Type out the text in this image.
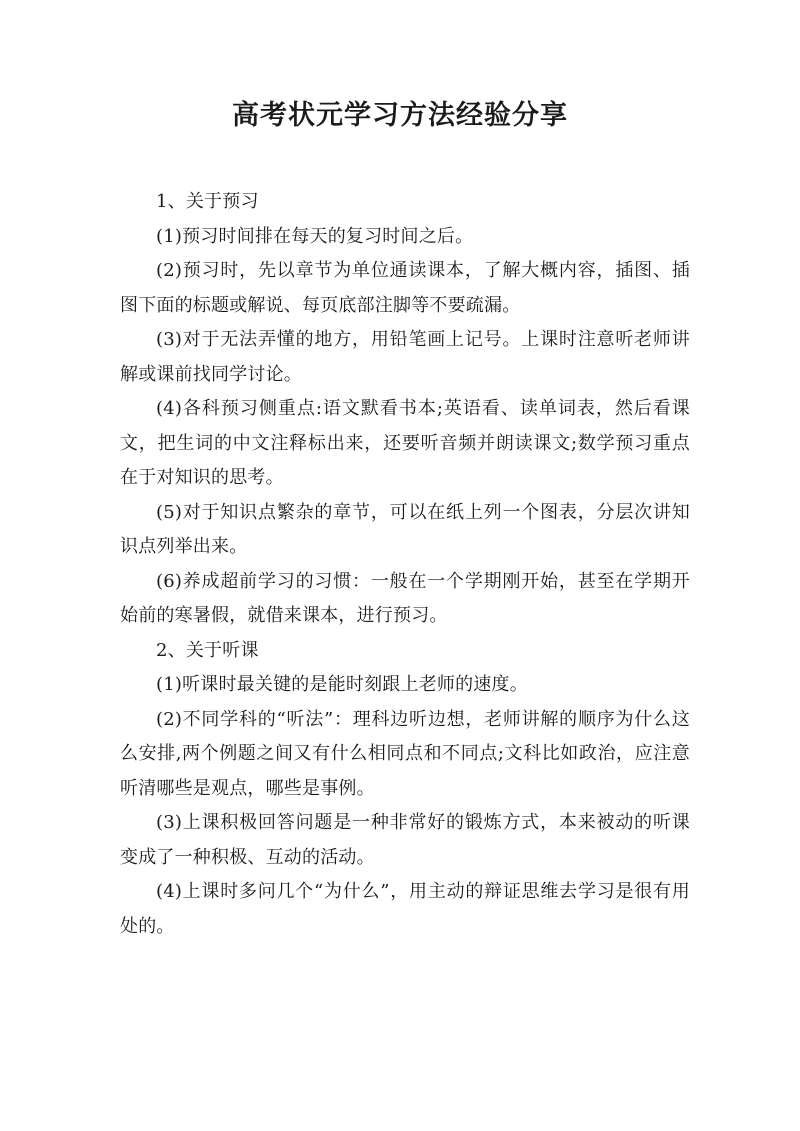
高考状元学习方法经验分享

1、关于预习

(1)预习时间排在每天的复习时间之后。

(2)预习时，先以章节为单位通读课本，了解大概内容，插图、插图下面的标题或解说、每页底部注脚等不要疏漏。

(3)对于无法弄懂的地方，用铅笔画上记号。上课时注意听老师讲解或课前找同学讨论。

(4)各科预习侧重点:语文默看书本;英语看、读单词表，然后看课文，把生词的中文注释标出来，还要听音频并朗读课文;数学预习重点在于对知识的思考。

(5)对于知识点繁杂的章节，可以在纸上列一个图表，分层次讲知识点列举出来。

(6)养成超前学习的习惯：一般在一个学期刚开始，甚至在学期开始前的寒暑假，就借来课本，进行预习。

2、关于听课

(1)听课时最关键的是能时刻跟上老师的速度。

(2)不同学科的“听法”：理科边听边想，老师讲解的顺序为什么这么安排,两个例题之间又有什么相同点和不同点;文科比如政治，应注意听清哪些是观点，哪些是事例。

(3)上课积极回答问题是一种非常好的锻炼方式，本来被动的听课变成了一种积极、互动的活动。

(4)上课时多问几个“为什么”，用主动的辩证思维去学习是很有用处的。
